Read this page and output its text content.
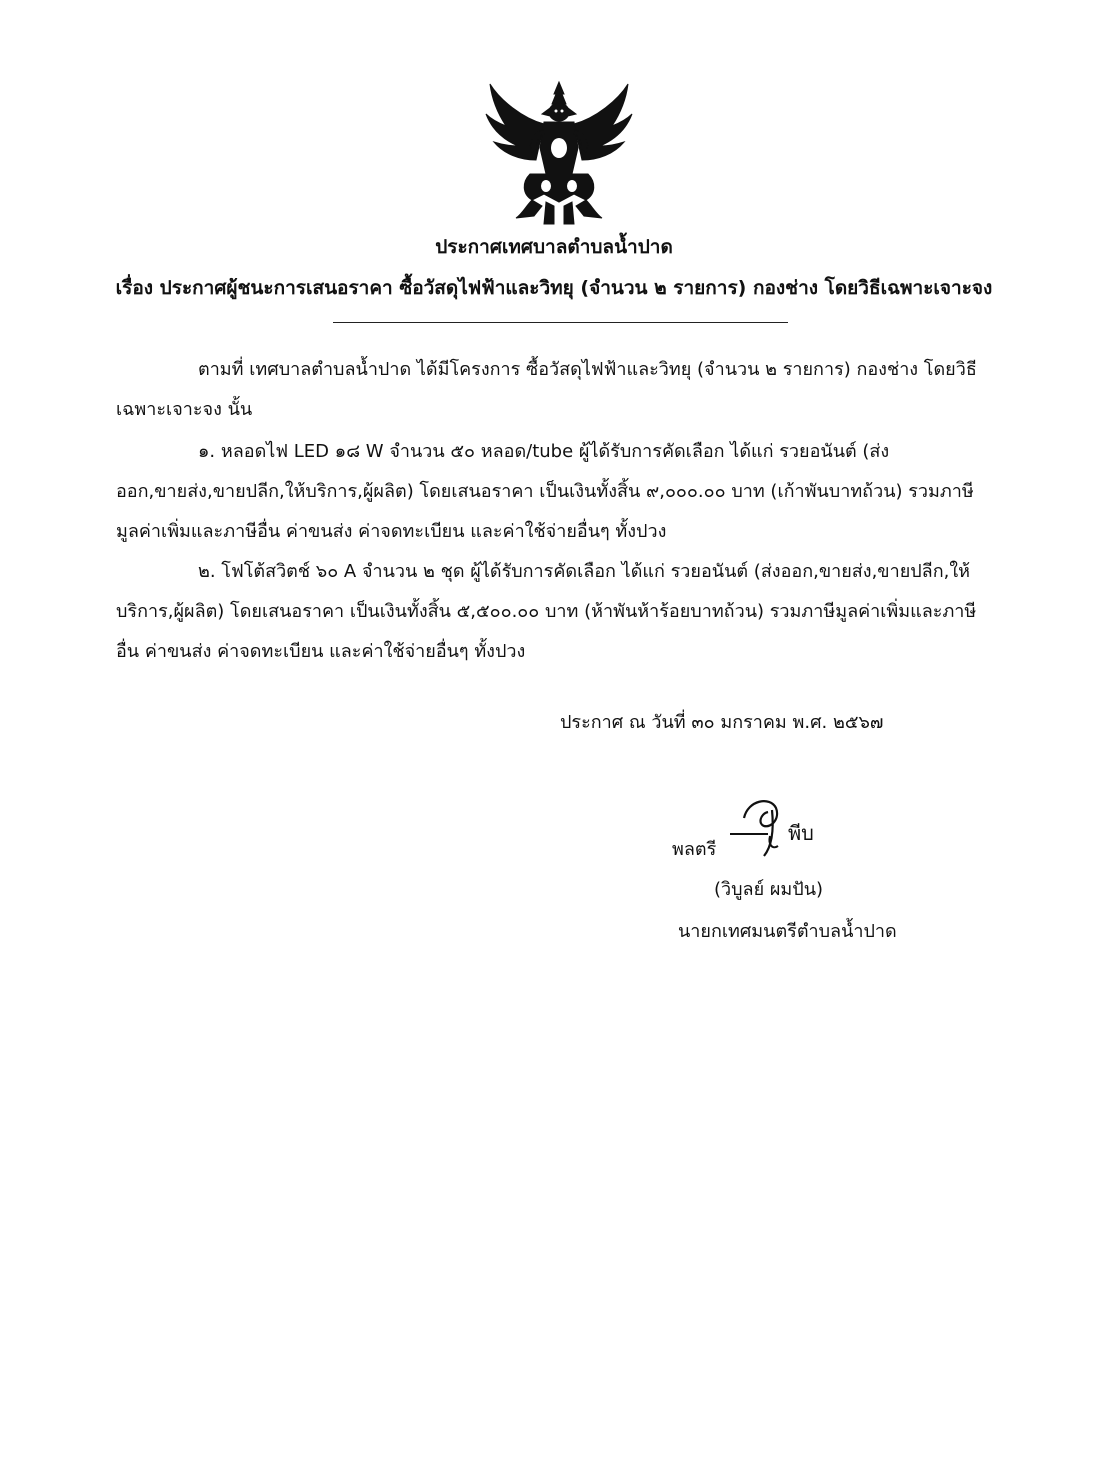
ประกาศเทศบาลตำบลน้ำปาด
เรื่อง ประกาศผู้ชนะการเสนอราคา ซื้อวัสดุไฟฟ้าและวิทยุ (จำนวน ๒ รายการ) กองช่าง โดยวิธีเฉพาะเจาะจง
ตามที่ เทศบาลตำบลน้ำปาด ได้มีโครงการ ซื้อวัสดุไฟฟ้าและวิทยุ (จำนวน ๒ รายการ) กองช่าง โดยวิธี
เฉพาะเจาะจง นั้น
๑. หลอดไฟ LED ๑๘ W จำนวน ๕๐ หลอด/tube ผู้ได้รับการคัดเลือก ได้แก่ รวยอนันต์ (ส่ง
ออก,ขายส่ง,ขายปลีก,ให้บริการ,ผู้ผลิต) โดยเสนอราคา เป็นเงินทั้งสิ้น ๙,๐๐๐.๐๐ บาท (เก้าพันบาทถ้วน) รวมภาษี
มูลค่าเพิ่มและภาษีอื่น ค่าขนส่ง ค่าจดทะเบียน และค่าใช้จ่ายอื่นๆ ทั้งปวง
๒. โฟโต้สวิตช์ ๖๐ A จำนวน ๒ ชุด ผู้ได้รับการคัดเลือก ได้แก่ รวยอนันต์ (ส่งออก,ขายส่ง,ขายปลีก,ให้
บริการ,ผู้ผลิต) โดยเสนอราคา เป็นเงินทั้งสิ้น ๕,๕๐๐.๐๐ บาท (ห้าพันห้าร้อยบาทถ้วน) รวมภาษีมูลค่าเพิ่มและภาษี
อื่น ค่าขนส่ง ค่าจดทะเบียน และค่าใช้จ่ายอื่นๆ ทั้งปวง
ประกาศ ณ วันที่ ๓๐ มกราคม พ.ศ. ๒๕๖๗
พลตรี
พีบ
(วิบูลย์ ผมปัน)
นายกเทศมนตรีตำบลน้ำปาด
